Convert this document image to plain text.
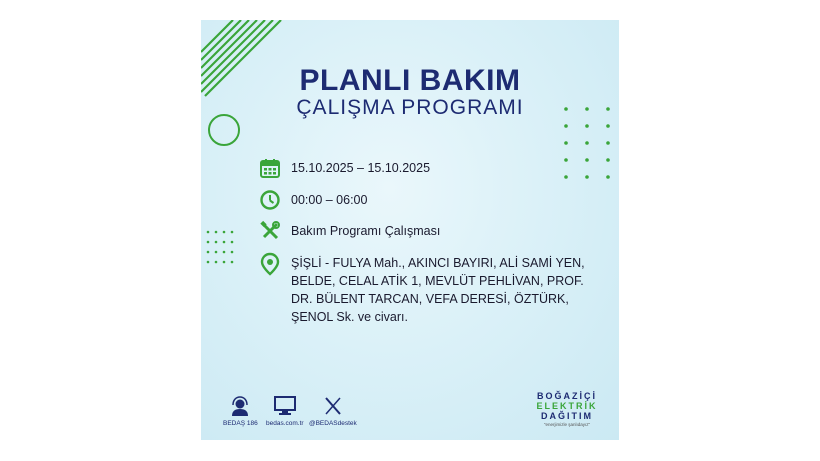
PLANLI BAKIM
ÇALIŞMA PROGRAMI
15.10.2025 – 15.10.2025
00:00 – 06:00
Bakım Programı Çalışması
ŞİŞLİ - FULYA Mah., AKINCI BAYIRI, ALİ SAMİ YEN,
BELDE, CELAL ATİK 1, MEVLÜT PEHLİVAN, PROF.
DR. BÜLENT TARCAN, VEFA DERESİ, ÖZTÜRK,
ŞENOL Sk. ve civarı.
BEDAŞ 186 bedas.com.tr @BEDASdestek
BOĞAZİÇİ
ELEKTRİK
DAĞITIM
"enerjimizle şanlıdayız"
